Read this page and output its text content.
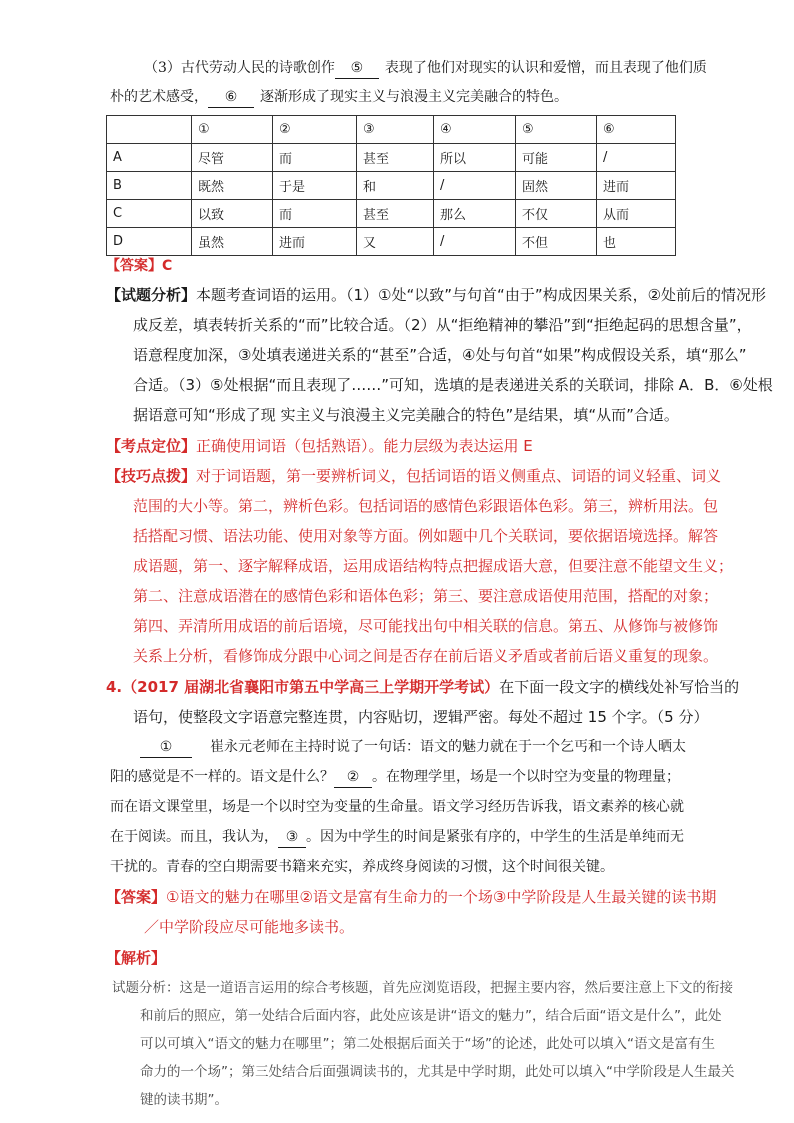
（3）古代劳动人民的诗歌创作 ⑤ 表现了他们对现实的认识和爱憎，而且表现了他们质
朴的艺术感受， ⑥ 逐渐形成了现实主义与浪漫主义完美融合的特色。
	①	②	③	④	⑤	⑥
A	尽管	而	甚至	所以	可能	/
B	既然	于是	和	/	固然	进而
C	以致	而	甚至	那么	不仅	从而
D	虽然	进而	又	/	不但	也
【答案】C
【试题分析】本题考查词语的运用。（1）①处“以致”与句首“由于”构成因果关系，②处前后的情况形
成反差，填表转折关系的“而”比较合适。（2）从“拒绝精神的攀沿”到“拒绝起码的思想含量”，
语意程度加深，③处填表递进关系的“甚至”合适，④处与句首“如果”构成假设关系，填“那么”
合适。（3）⑤处根据“而且表现了……”可知，选填的是表递进关系的关联词，排除 A．B．⑥处根
据语意可知“形成了现 实主义与浪漫主义完美融合的特色”是结果，填“从而”合适。
【考点定位】正确使用词语（包括熟语）。能力层级为表达运用 E
【技巧点拨】对于词语题，第一要辨析词义，包括词语的语义侧重点、词语的词义轻重、词义
范围的大小等。第二，辨析色彩。包括词语的感情色彩跟语体色彩。第三，辨析用法。包
括搭配习惯、语法功能、使用对象等方面。例如题中几个关联词，要依据语境选择。解答
成语题，第一、逐字解释成语，运用成语结构特点把握成语大意，但要注意不能望文生义；
第二、注意成语潜在的感情色彩和语体色彩；第三、要注意成语使用范围，搭配的对象；
第四、弄清所用成语的前后语境，尽可能找出句中相关联的信息。第五、从修饰与被修饰
关系上分析，看修饰成分跟中心词之间是否存在前后语义矛盾或者前后语义重复的现象。
4.（2017 届湖北省襄阳市第五中学高三上学期开学考试）在下面一段文字的横线处补写恰当的
语句，使整段文字语意完整连贯，内容贴切，逻辑严密。每处不超过 15 个字。（5 分）
①	崔永元老师在主持时说了一句话：语文的魅力就在于一个乞丐和一个诗人晒太
阳的感觉是不一样的。语文是什么？ ② 。在物理学里，场是一个以时空为变量的物理量；
而在语文课堂里，场是一个以时空为变量的生命量。语文学习经历告诉我，语文素养的核心就
在于阅读。而且，我认为， ③ 。因为中学生的时间是紧张有序的，中学生的生活是单纯而无
干扰的。青春的空白期需要书籍来充实，养成终身阅读的习惯，这个时间很关键。
【答案】①语文的魅力在哪里②语文是富有生命力的一个场③中学阶段是人生最关键的读书期
／中学阶段应尽可能地多读书。
【解析】
试题分析：这是一道语言运用的综合考核题，首先应浏览语段，把握主要内容，然后要注意上下文的衔接
和前后的照应，第一处结合后面内容，此处应该是讲“语文的魅力”，结合后面“语文是什么”，此处
可以可填入“语文的魅力在哪里”；第二处根据后面关于“场”的论述，此处可以填入“语文是富有生
命力的一个场”；第三处结合后面强调读书的，尤其是中学时期，此处可以填入“中学阶段是人生最关
键的读书期”。
